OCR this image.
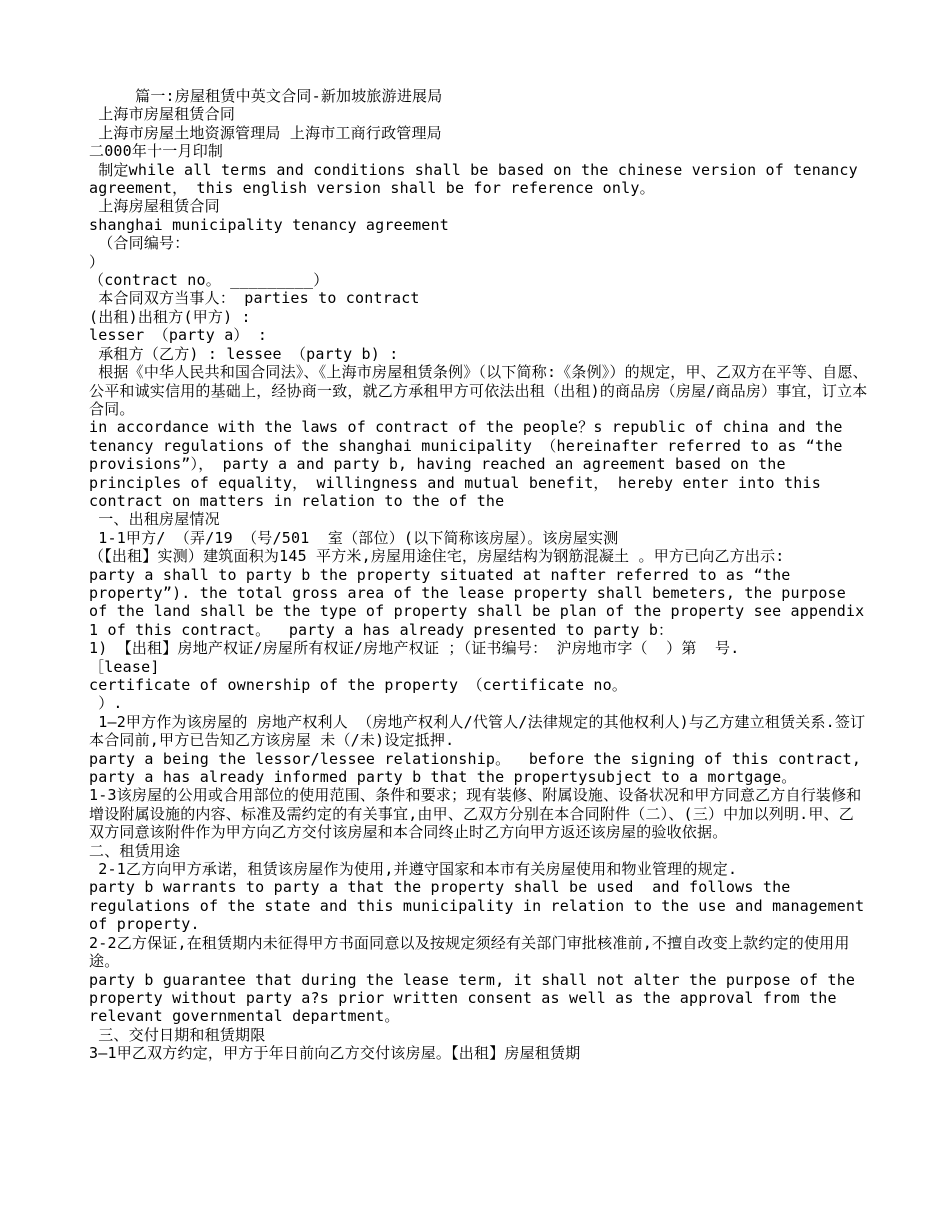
篇一:房屋租赁中英文合同-新加坡旅游进展局

上海市房屋租赁合同

上海市房屋土地资源管理局 上海市工商行政管理局

二000年十一月印制

制定while all terms and conditions shall be based on the chinese version of tenancy agreement， this english version shall be for reference only。

上海房屋租赁合同

shanghai municipality tenancy agreement

（合同编号：

）

（contract no。 _________）

本合同双方当事人： parties to contract

(出租)出租方(甲方) :

lesser （party a） :

承租方（乙方) : lessee （party b) :

根据《中华人民共和国合同法》、《上海市房屋租赁条例》（以下简称:《条例》）的规定，甲、乙双方在平等、自愿、公平和诚实信用的基础上，经协商一致，就乙方承租甲方可依法出租（出租)的商品房（房屋/商品房）事宜，订立本合同。

in accordance with the laws of contract of the people？s republic of china and the tenancy regulations of the shanghai municipality （hereinafter referred to as “the provisions”）， party a and party b, having reached an agreement based on the principles of equality， willingness and mutual benefit， hereby enter into this contract on matters in relation to the of the

一、出租房屋情况

1-1甲方/ （弄/19 （号/501  室（部位）(以下简称该房屋）。该房屋实测

（【出租】实测）建筑面积为145 平方米,房屋用途住宅，房屋结构为钢筋混凝土 。甲方已向乙方出示:

party a shall to party b the property situated at nafter referred to as “the property”). the total gross area of the lease property shall bemeters, the purpose of the land shall be the type of property shall be plan of the property see appendix 1 of this contract。  party a has already presented to party b：

1) 【出租】房地产权证/房屋所有权证/房地产权证 ；（证书编号： 沪房地市字（  ）第  号.

［lease]

certificate of ownership of the property （certificate no。

）.

1—2甲方作为该房屋的 房地产权利人 （房地产权利人/代管人/法律规定的其他权利人)与乙方建立租赁关系.签订本合同前,甲方已告知乙方该房屋 未（/未)设定抵押.

party a being the lessor/lessee relationship。  before the signing of this contract, party a has already informed party b that the propertysubject to a mortgage。

1-3该房屋的公用或合用部位的使用范围、条件和要求；现有装修、附属设施、设备状况和甲方同意乙方自行装修和增设附属设施的内容、标准及需约定的有关事宜,由甲、乙双方分别在本合同附件（二）、(三）中加以列明.甲、乙双方同意该附件作为甲方向乙方交付该房屋和本合同终止时乙方向甲方返还该房屋的验收依据。

二、租赁用途

2-1乙方向甲方承诺，租赁该房屋作为使用,并遵守国家和本市有关房屋使用和物业管理的规定.

party b warrants to party a that the property shall be used  and follows the regulations of the state and this municipality in relation to the use and management of property.

2-2乙方保证,在租赁期内未征得甲方书面同意以及按规定须经有关部门审批核准前,不擅自改变上款约定的使用用途。

party b guarantee that during the lease term, it shall not alter the purpose of the property without party a?s prior written consent as well as the approval from the relevant governmental department。

三、交付日期和租赁期限

3—1甲乙双方约定，甲方于年日前向乙方交付该房屋。【出租】房屋租赁期
